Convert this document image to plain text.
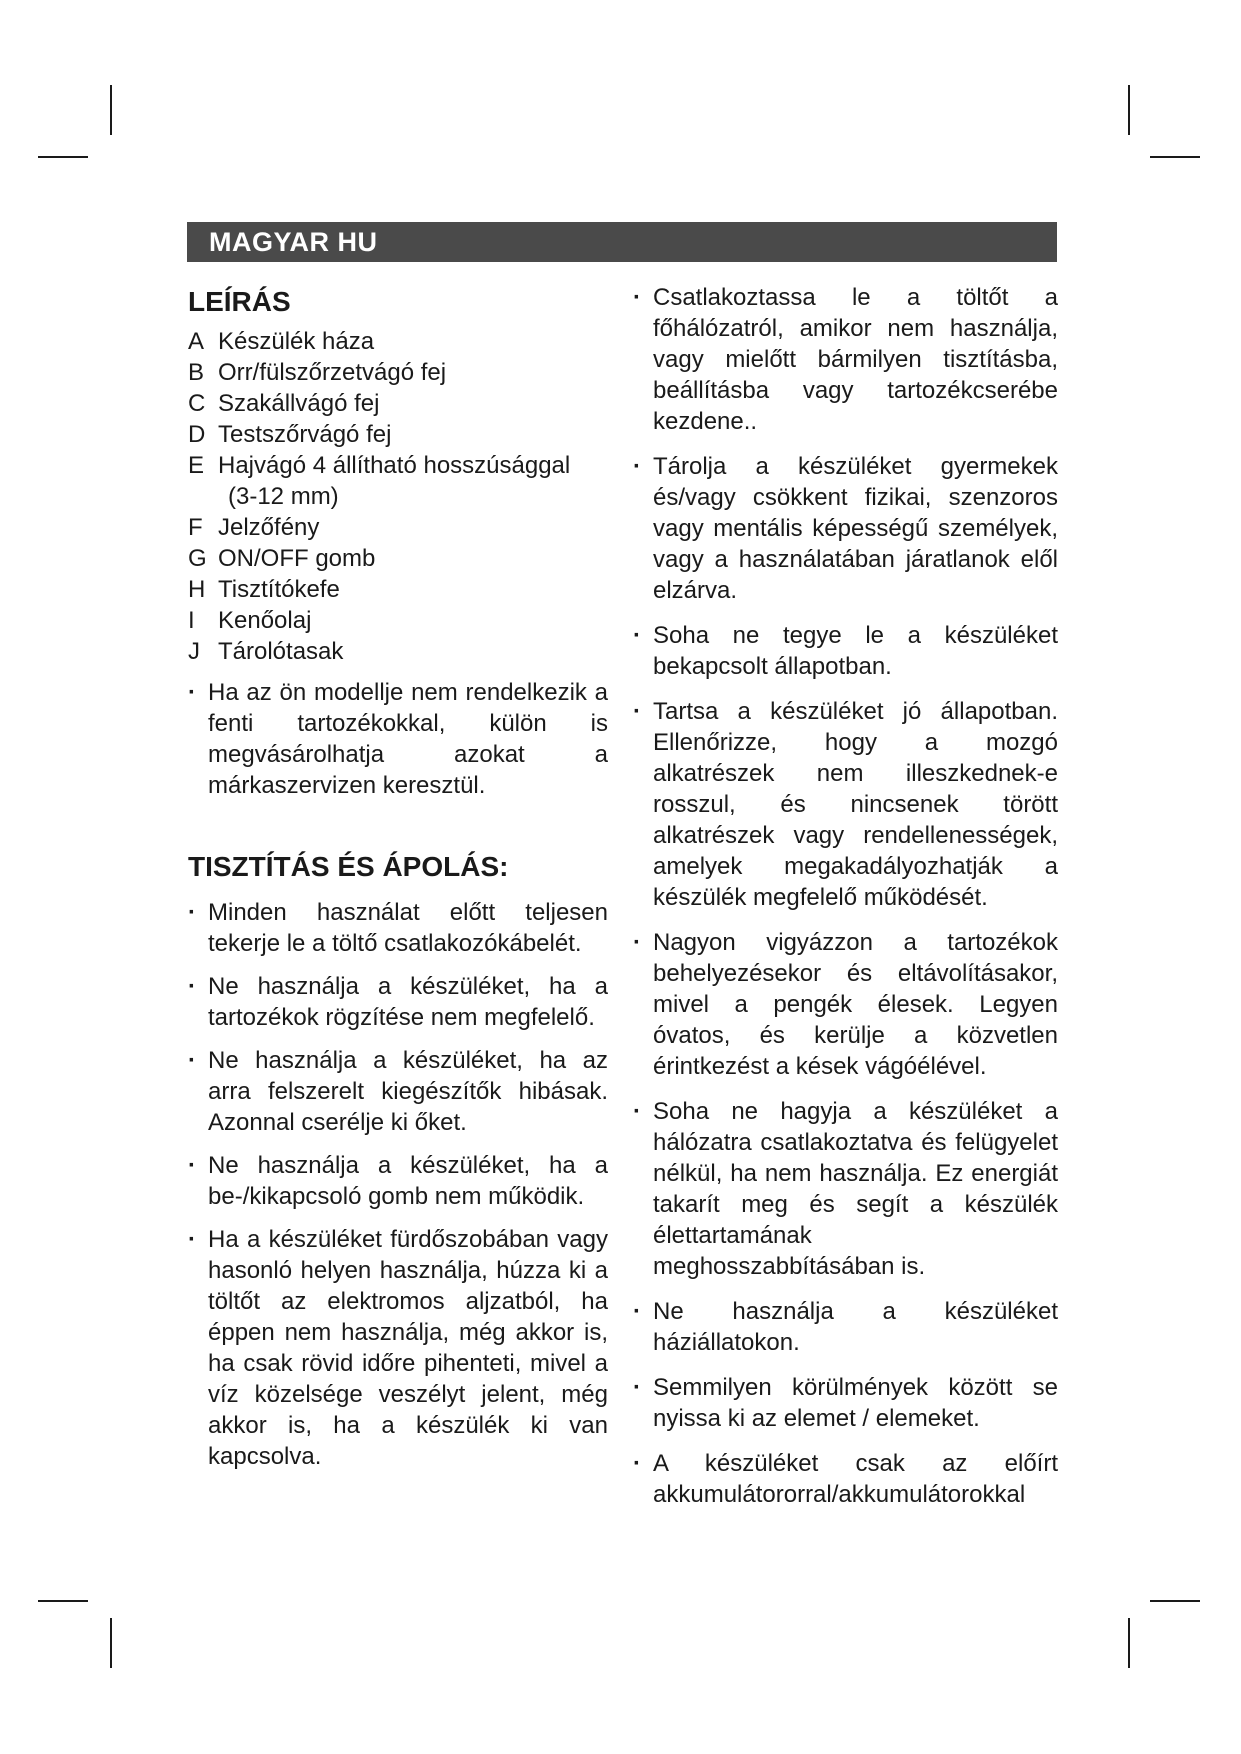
MAGYAR HU
LEÍRÁS
A Készülék háza
B Orr/fülszőrzetvágó fej
C Szakállvágó fej
D Testszőrvágó fej
E Hajvágó 4 állítható hosszúsággal
(3-12 mm)
F Jelzőfény
G ON/OFF gomb
H Tisztítókefe
I Kenőolaj
J Tárolótasak
· Ha az ön modellje nem rendelkezik a fenti tartozékokkal, külön is megvásárolhatja azokat a márkaszervizen keresztül.
TISZTÍTÁS ÉS ÁPOLÁS:
· Minden használat előtt teljesen tekerje le a töltő csatlakozókábelét.
· Ne használja a készüléket, ha a tartozékok rögzítése nem megfelelő.
· Ne használja a készüléket, ha az arra felszerelt kiegészítők hibásak. Azonnal cserélje ki őket.
· Ne használja a készüléket, ha a be-/kikapcsoló gomb nem működik.
· Ha a készüléket fürdőszobában vagy hasonló helyen használja, húzza ki a töltőt az elektromos aljzatból, ha éppen nem használja, még akkor is, ha csak rövid időre pihenteti, mivel a víz közelsége veszélyt jelent, még akkor is, ha a készülék ki van kapcsolva.
· Csatlakoztassa le a töltőt a főhálózatról, amikor nem használja, vagy mielőtt bármilyen tisztításba, beállításba vagy tartozékcserébe kezdene..
· Tárolja a készüléket gyermekek és/vagy csökkent fizikai, szenzoros vagy mentális képességű személyek, vagy a használatában járatlanok elől elzárva.
· Soha ne tegye le a készüléket bekapcsolt állapotban.
· Tartsa a készüléket jó állapotban. Ellenőrizze, hogy a mozgó alkatrészek nem illeszkednek-e rosszul, és nincsenek törött alkatrészek vagy rendellenességek, amelyek megakadályozhatják a készülék megfelelő működését.
· Nagyon vigyázzon a tartozékok behelyezésekor és eltávolításakor, mivel a pengék élesek. Legyen óvatos, és kerülje a közvetlen érintkezést a kések vágóélével.
· Soha ne hagyja a készüléket a hálózatra csatlakoztatva és felügyelet nélkül, ha nem használja. Ez energiát takarít meg és segít a készülék élettartamának meghosszabbításában is.
· Ne használja a készüléket háziállatokon.
· Semmilyen körülmények között se nyissa ki az elemet / elemeket.
· A készüléket csak az előírt akkumulátororral/akkumulátorokkal
